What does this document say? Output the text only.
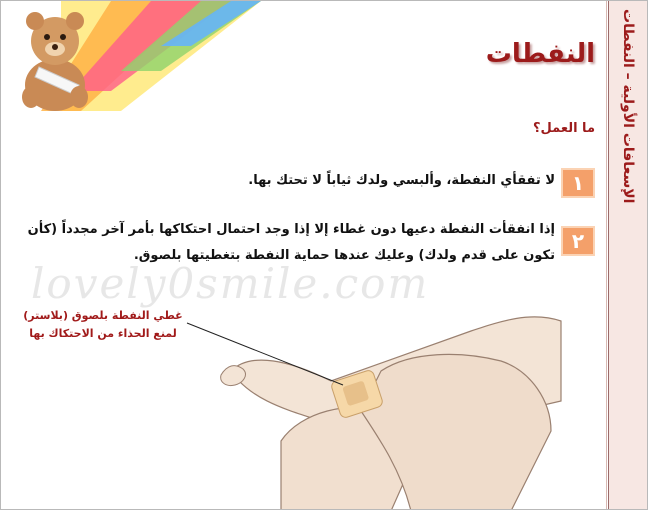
النفطات	الإسعافات الأولية – النفطات
ما العمل؟
١
لا تفقأي النفطة، وألبسي ولدك ثياباً لا تحتك بها.
٢
إذا انفقأت النفطة دعيها دون غطاء إلا إذا وجد احتمال احتكاكها بأمر آخر مجدداً (كأن تكون على قدم ولدك) وعليك عندها حماية النفطة بتغطيتها بلصوق.
lovely0smile.com
غطي النفطة بلصوق (بلاستر)
لمنع الحذاء من الاحتكاك بها
